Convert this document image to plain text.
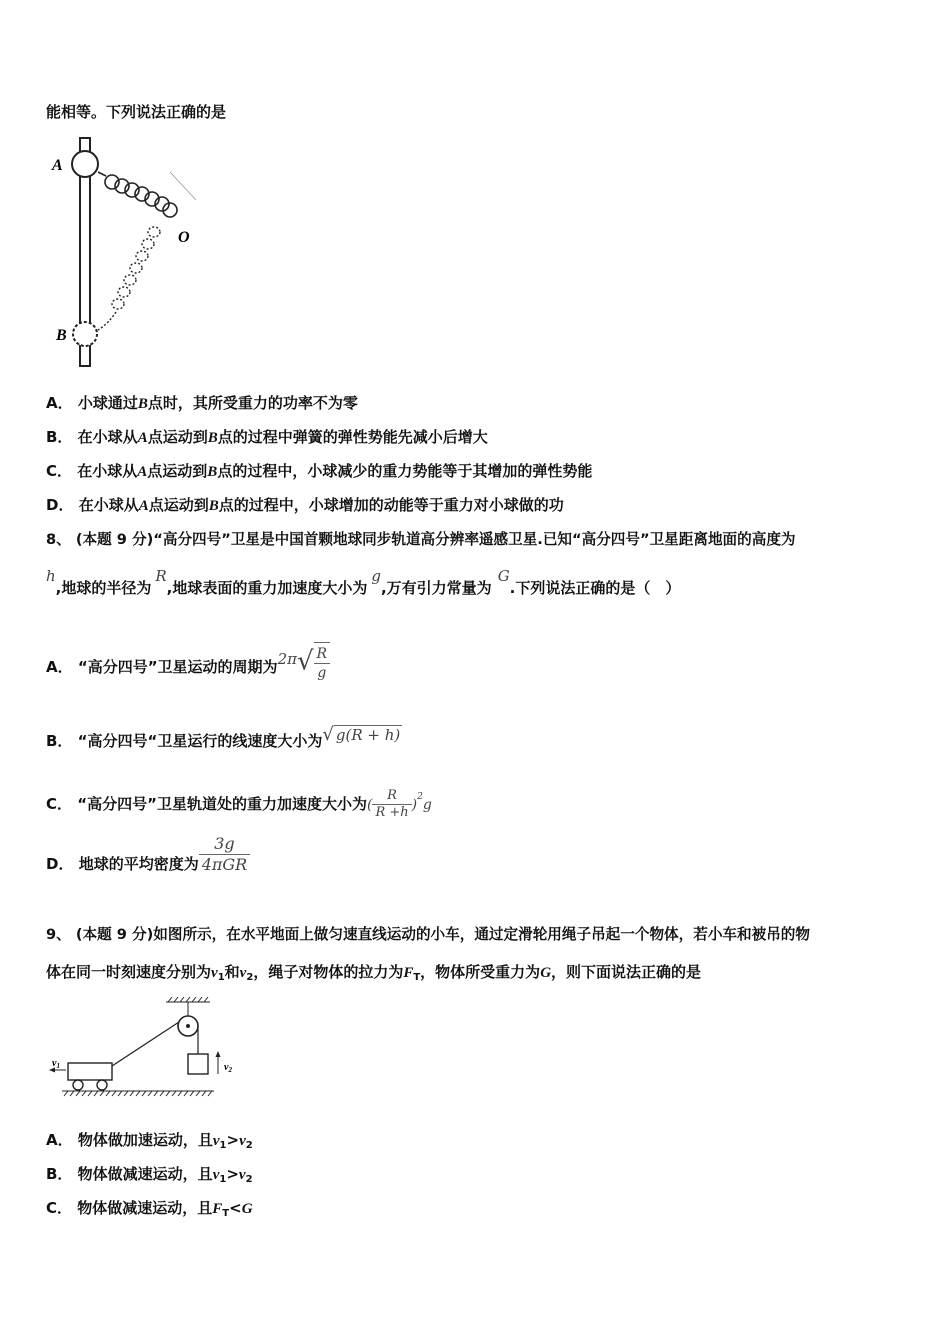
能相等。下列说法正确的是
A
O
B
A． 小球通过B点时，其所受重力的功率不为零
B． 在小球从A点运动到B点的过程中弹簧的弹性势能先减小后增大
C． 在小球从A点运动到B点的过程中，小球减少的重力势能等于其增加的弹性势能
D． 在小球从A点运动到B点的过程中，小球增加的动能等于重力对小球做的功
8、 (本题 9 分)“高分四号”卫星是中国首颗地球同步轨道高分辨率遥感卫星.已知“高分四号”卫星距离地面的高度为
h,地球的半径为R,地球表面的重力加速度大小为g,万有引力常量为G.下列说法正确的是（　）
A． “高分四号”卫星运动的周期为$2\pi√ \frac{R}{g}$
B． “高分四号“卫星运行的线速度大小为√ g(R + h)
C． “高分四号”卫星轨道处的重力加速度大小为( $\frac{R}{R +h} )^2g$
D． 地球的平均密度为 $\frac{3g}{\text{4πGR}}$
9、 (本题 9 分)如图所示，在水平地面上做匀速直线运动的小车，通过定滑轮用绳子吊起一个物体，若小车和被吊的物
体在同一时刻速度分别为$v_1$和$v_2$，绳子对物体的拉力为$F_T$，物体所受重力为G，则下面说法正确的是
$v_2$
$v_1$
A． 物体做加速运动，且$v_1>v_2$
B． 物体做减速运动，且$v_1>v_2$
C． 物体做减速运动，且$F_T<G$
